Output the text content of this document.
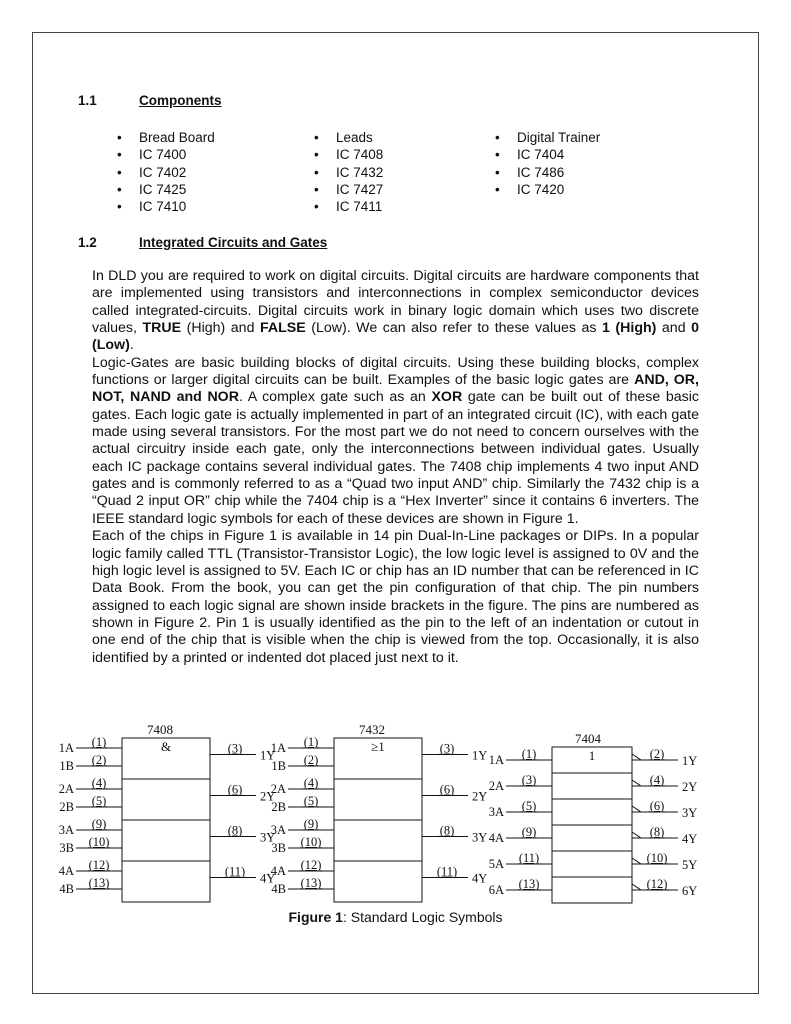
1.1	Components
• Bread Board
• IC 7400
• IC 7402
• IC 7425
• IC 7410
• Leads
• IC 7408
• IC 7432
• IC 7427
• IC 7411
• Digital Trainer
• IC 7404
• IC 7486
• IC 7420
1.2	Integrated Circuits and Gates

In DLD you are required to work on digital circuits. Digital circuits are hardware components that are implemented using transistors and interconnections in complex semiconductor devices called integrated-circuits. Digital circuits work in binary logic domain which uses two discrete values, TRUE (High) and FALSE (Low). We can also refer to these values as 1 (High) and 0 (Low).

Logic-Gates are basic building blocks of digital circuits. Using these building blocks, complex functions or larger digital circuits can be built. Examples of the basic logic gates are AND, OR, NOT, NAND and NOR. A complex gate such as an XOR gate can be built out of these basic gates. Each logic gate is actually implemented in part of an integrated circuit (IC), with each gate made using several transistors. For the most part we do not need to concern ourselves with the actual circuitry inside each gate, only the interconnections between individual gates. Usually each IC package contains several individual gates. The 7408 chip implements 4 two input AND gates and is commonly referred to as a “Quad two input AND” chip. Similarly the 7432 chip is a “Quad 2 input OR” chip while the 7404 chip is a “Hex Inverter” since it contains 6 inverters. The IEEE standard logic symbols for each of these devices are shown in Figure 1.

Each of the chips in Figure 1 is available in 14 pin Dual-In-Line packages or DIPs. In a popular logic family called TTL (Transistor-Transistor Logic), the low logic level is assigned to 0V and the high logic level is assigned to 5V. Each IC or chip has an ID number that can be referenced in IC Data Book. From the book, you can get the pin configuration of that chip. The pin numbers assigned to each logic signal are shown inside brackets in the figure. The pins are numbered as shown in Figure 2. Pin 1 is usually identified as the pin to the left of an indentation or cutout in one end of the chip that is visible when the chip is viewed from the top. Occasionally, it is also identified by a printed or indented dot placed just next to it.

7408
&
1A (1)
1B (2)
2A (4)
2B (5)
3A (9)
3B (10)
4A (12)
4B (13)
(3) 1Y
(6) 2Y
(8) 3Y
(11) 4Y
7432
≥1
1A (1)
1B (2)
2A (4)
2B (5)
3A (9)
3B (10)
4A (12)
4B (13)
(3) 1Y
(6) 2Y
(8) 3Y
(11) 4Y
7404
1
1A (1)
2A (3)
3A (5)
4A (9)
5A (11)
6A (13)
(2) 1Y
(4) 2Y
(6) 3Y
(8) 4Y
(10) 5Y
(12) 6Y
Figure 1: Standard Logic Symbols
